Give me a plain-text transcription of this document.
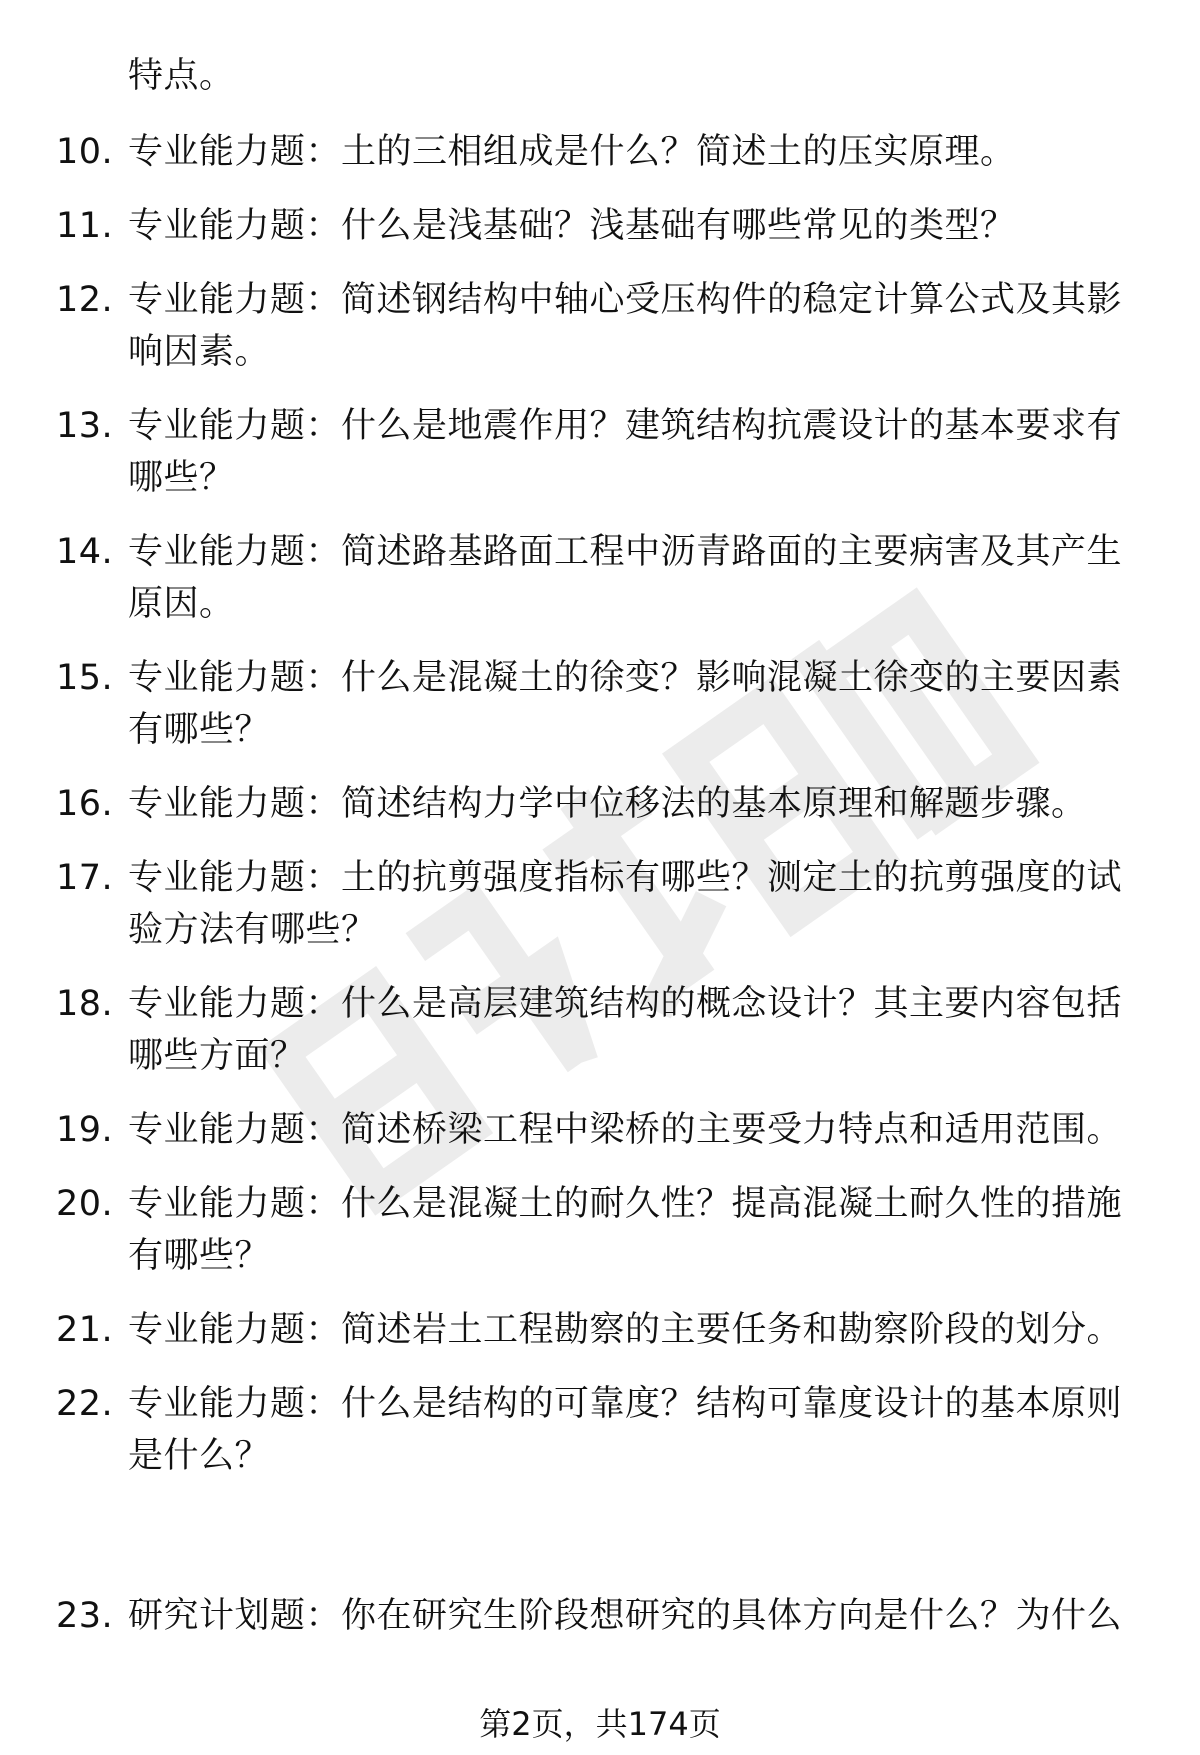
特点。
10. 专业能力题：土的三相组成是什么？简述土的压实原理。
11. 专业能力题：什么是浅基础？浅基础有哪些常见的类型？
12. 专业能力题：简述钢结构中轴心受压构件的稳定计算公式及其影
响因素。
13. 专业能力题：什么是地震作用？建筑结构抗震设计的基本要求有
哪些？
14. 专业能力题：简述路基路面工程中沥青路面的主要病害及其产生
原因。
15. 专业能力题：什么是混凝土的徐变？影响混凝土徐变的主要因素
有哪些？
16. 专业能力题：简述结构力学中位移法的基本原理和解题步骤。
17. 专业能力题：土的抗剪强度指标有哪些？测定土的抗剪强度的试
验方法有哪些？
18. 专业能力题：什么是高层建筑结构的概念设计？其主要内容包括
哪些方面？
19. 专业能力题：简述桥梁工程中梁桥的主要受力特点和适用范围。
20. 专业能力题：什么是混凝土的耐久性？提高混凝土耐久性的措施
有哪些？
21. 专业能力题：简述岩土工程勘察的主要任务和勘察阶段的划分。
22. 专业能力题：什么是结构的可靠度？结构可靠度设计的基本原则
是什么？
23. 研究计划题：你在研究生阶段想研究的具体方向是什么？为什么
第2页，共174页
